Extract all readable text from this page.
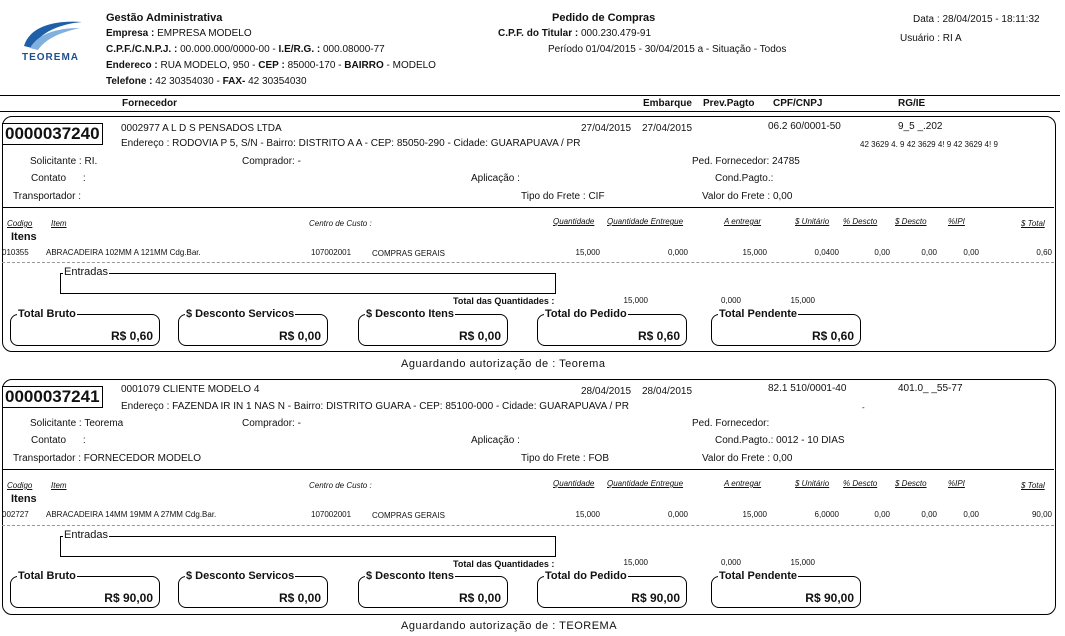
TEOREMA
Gestão Administrativa
Empresa : EMPRESA MODELO
C.P.F./C.N.P.J. : 00.000.000/0000-00 - I.E/R.G. : 000.08000-77
Endereco : RUA MODELO, 950 - CEP : 85000-170 - BAIRRO - MODELO
Telefone : 42 30354030 - FAX- 42 30354030
Pedido de Compras
C.P.F. do Titular : 000.230.479-91
Período 01/04/2015 - 30/04/2015 a - Situação - Todos
Data : 28/04/2015 - 18:11:32
Usuário : RI A
Fornecedor	Embarque Prev.Pagto CPF/CNPJ	RG/IE
0000037240	0002977 A L D S PENSADOS LTDA	27/04/2015 27/04/2015	06.2 60/0001-50	9_5 _.202
Endereço : RODOVIA P 5, S/N - Bairro: DISTRITO A A - CEP: 85050-290 - Cidade: GUARAPUAVA / PR	42 3629 4. 9 42 3629 4! 9 42 3629 4! 9
Solicitante : RI.	Comprador: -	Ped. Fornecedor: 24785
Contato :	Aplicação :	Cond.Pagto.:
Transportador :	Tipo do Frete : CIF	Valor do Frete : 0,00
Codigo Item	Centro de Custo :	Quantidade Quantidade Entregue	A entregar	$ Unitário % Descto $ Descto	%IPI	$ Total
Itens
010355 ABRACADEIRA 102MM A 121MM Cdg.Bar.	107002001	COMPRAS GERAIS	15,000	0,000	15,000	0,0400	0,00	0,00	0,00	0,60
Entradas
Total das Quantidades :	15,000	0,000	15,000
Total Bruto
R$ 0,60
$ Desconto Servicos
R$ 0,00
$ Desconto Itens
R$ 0,00
Total do Pedido
R$ 0,60
Total Pendente
R$ 0,60
Aguardando autorização de : Teorema
0000037241	0001079 CLIENTE MODELO 4	28/04/2015 28/04/2015	82.1 510/0001-40	401.0_ _55-77
Endereço : FAZENDA IR IN 1 NAS N - Bairro: DISTRITO GUARA - CEP: 85100-000 - Cidade: GUARAPUAVA / PR	-
Solicitante : Teorema	Comprador: -	Ped. Fornecedor:
Contato :	Aplicação :	Cond.Pagto.: 0012 - 10 DIAS
Transportador : FORNECEDOR MODELO	Tipo do Frete : FOB	Valor do Frete : 0,00
Codigo Item	Centro de Custo :	Quantidade Quantidade Entregue	A entregar	$ Unitário % Descto $ Descto	%IPI	$ Total
Itens
002727 ABRACADEIRA 14MM 19MM A 27MM Cdg.Bar.	107002001	COMPRAS GERAIS	15,000	0,000	15,000	6,0000	0,00	0,00	0,00	90,00
Entradas
Total das Quantidades :	15,000	0,000	15,000
Total Bruto
R$ 90,00
$ Desconto Servicos
R$ 0,00
$ Desconto Itens
R$ 0,00
Total do Pedido
R$ 90,00
Total Pendente
R$ 90,00
Aguardando autorização de : TEOREMA
